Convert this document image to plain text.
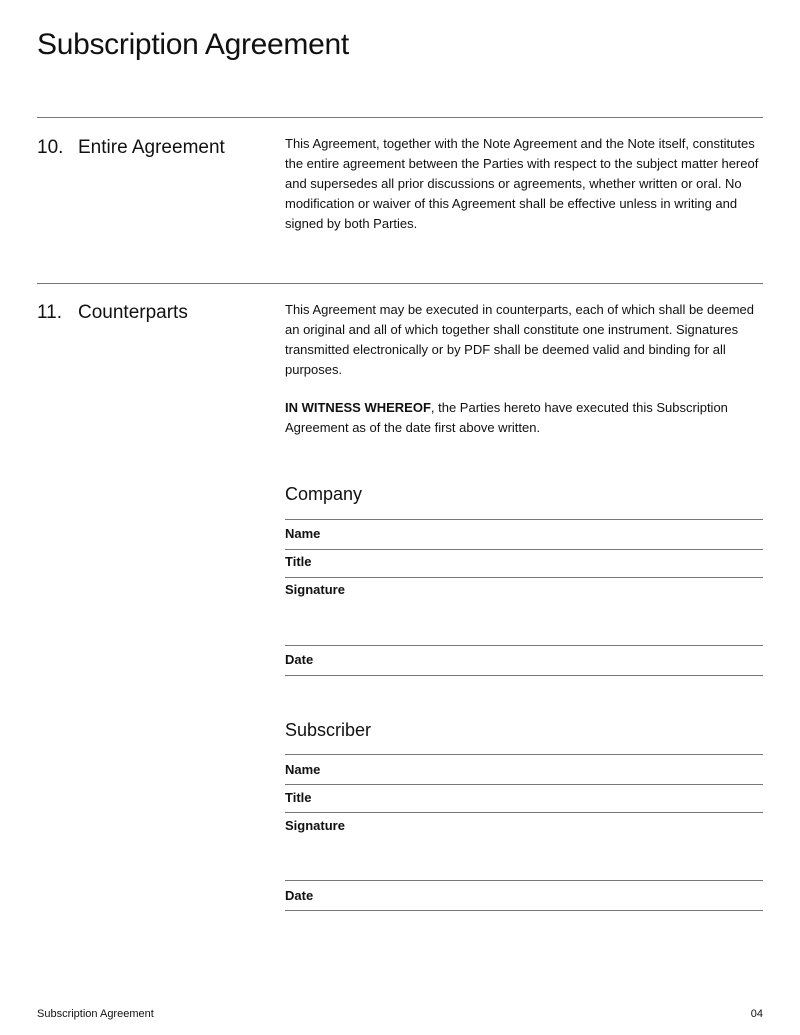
Subscription Agreement
10. Entire Agreement	This Agreement, together with the Note Agreement and the Note itself, constitutes the entire agreement between the Parties with respect to the subject matter hereof and supersedes all prior discussions or agreements, whether written or oral. No modification or waiver of this Agreement shall be effective unless in writing and signed by both Parties.
11. Counterparts	This Agreement may be executed in counterparts, each of which shall be deemed an original and all of which together shall constitute one instrument. Signatures transmitted electronically or by PDF shall be deemed valid and binding for all purposes.
IN WITNESS WHEREOF, the Parties hereto have executed this Subscription Agreement as of the date first above written.
Company
Name
Title
Signature
Date
Subscriber
Name
Title
Signature
Date
Subscription Agreement	04
